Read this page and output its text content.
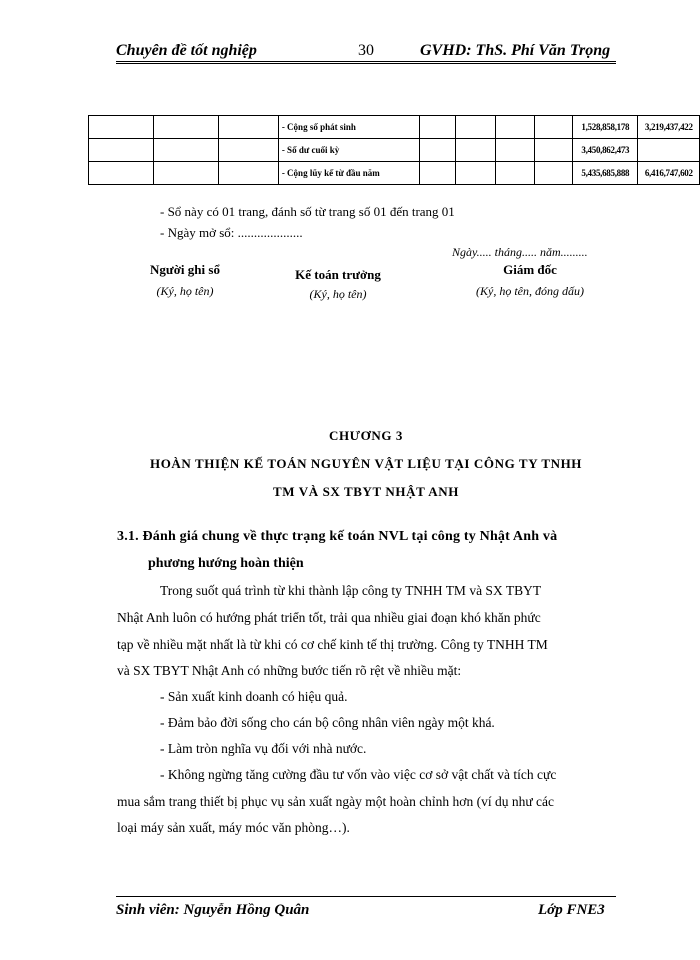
Chuyên đề tốt nghiệp	30	GVHD: ThS. Phí Văn Trọng
			- Cộng số phát sinh					1,528,858,178	3,219,437,422
			- Số dư cuối kỳ					3,450,862,473	
			- Cộng lũy kế từ đầu năm					5,435,685,888	6,416,747,602
- Sổ này có 01 trang, đánh số từ trang số 01 đến trang 01
- Ngày mở sổ: ....................
Ngày..... tháng..... năm.........
Người ghi sổ
(Ký, họ tên)
Kế toán trưởng
(Ký, họ tên)
Giám đốc
(Ký, họ tên, đóng dấu)
CHƯƠNG 3
HOÀN THIỆN KẾ TOÁN NGUYÊN VẬT LIỆU TẠI CÔNG TY TNHH
TM VÀ SX TBYT NHẬT ANH
3.1. Đánh giá chung về thực trạng kế toán NVL tại công ty Nhật Anh và
phương hướng hoàn thiện
Trong suốt quá trình từ khi thành lập công ty TNHH TM và SX TBYT
Nhật Anh luôn có hướng phát triển tốt, trải qua nhiều giai đoạn khó khăn phức
tạp về nhiều mặt nhất là từ khi có cơ chế kinh tế thị trường. Công ty TNHH TM
và SX TBYT Nhật Anh có những bước tiến rõ rệt về nhiều mặt:
- Sản xuất kinh doanh có hiệu quả.
- Đảm bảo đời sống cho cán bộ công nhân viên ngày một khá.
- Làm tròn nghĩa vụ đối với nhà nước.
- Không ngừng tăng cường đầu tư vốn vào việc cơ sở vật chất và tích cực
mua sắm trang thiết bị phục vụ sản xuất ngày một hoàn chỉnh hơn (ví dụ như các
loại máy sản xuất, máy móc văn phòng…).
Sinh viên: Nguyễn Hồng Quân	Lớp FNE3
